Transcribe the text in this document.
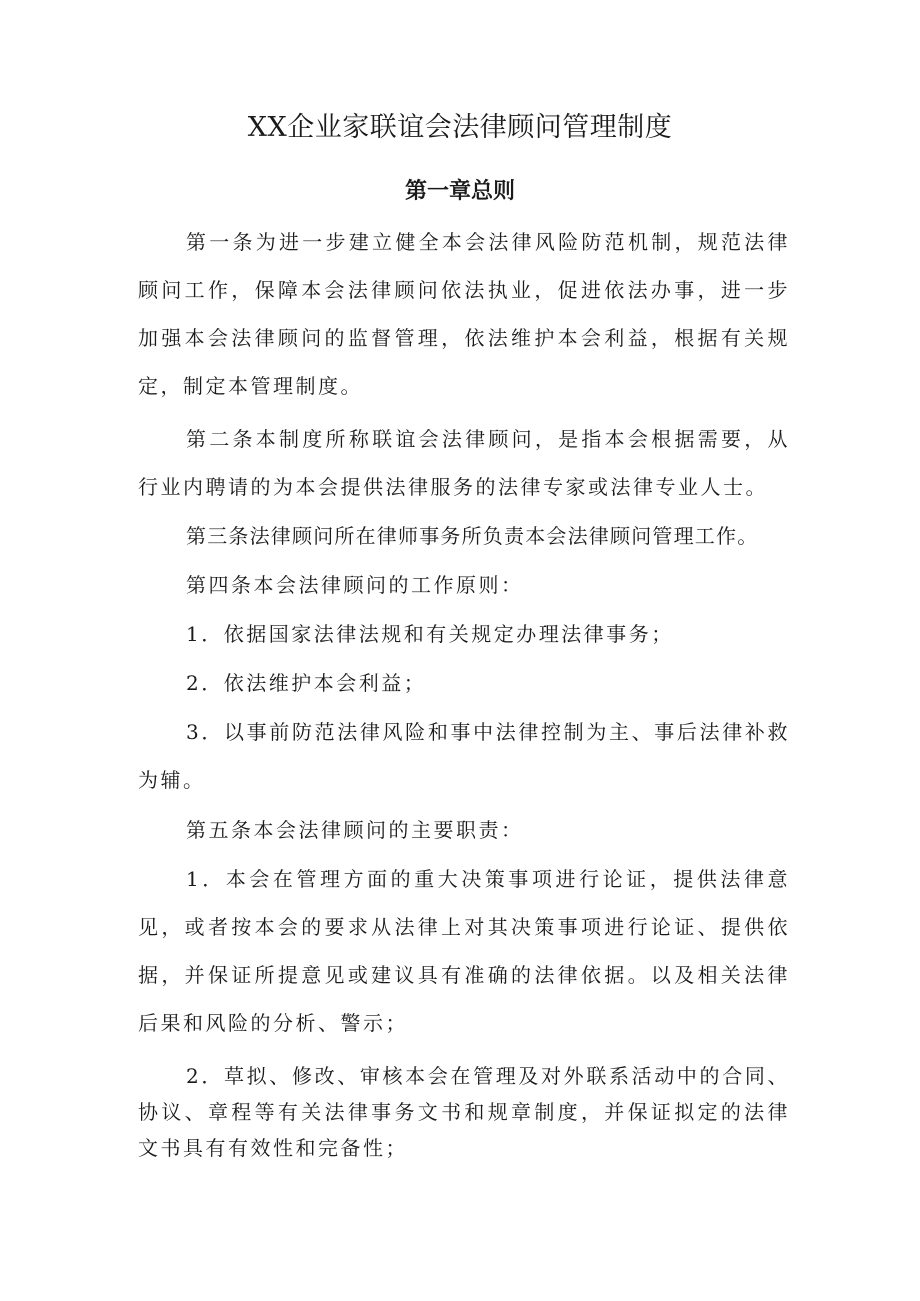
XX企业家联谊会法律顾问管理制度
第一章总则
第一条为进一步建立健全本会法律风险防范机制，规范法律顾问工作，保障本会法律顾问依法执业，促进依法办事，进一步加强本会法律顾问的监督管理，依法维护本会利益，根据有关规定，制定本管理制度。
第二条本制度所称联谊会法律顾问，是指本会根据需要，从行业内聘请的为本会提供法律服务的法律专家或法律专业人士。
第三条法律顾问所在律师事务所负责本会法律顾问管理工作。
第四条本会法律顾问的工作原则：
1．依据国家法律法规和有关规定办理法律事务；
2．依法维护本会利益；
3．以事前防范法律风险和事中法律控制为主、事后法律补救为辅。
第五条本会法律顾问的主要职责：
1．本会在管理方面的重大决策事项进行论证，提供法律意见，或者按本会的要求从法律上对其决策事项进行论证、提供依据，并保证所提意见或建议具有准确的法律依据。以及相关法律后果和风险的分析、警示；
2．草拟、修改、审核本会在管理及对外联系活动中的合同、协议、章程等有关法律事务文书和规章制度，并保证拟定的法律文书具有有效性和完备性；
